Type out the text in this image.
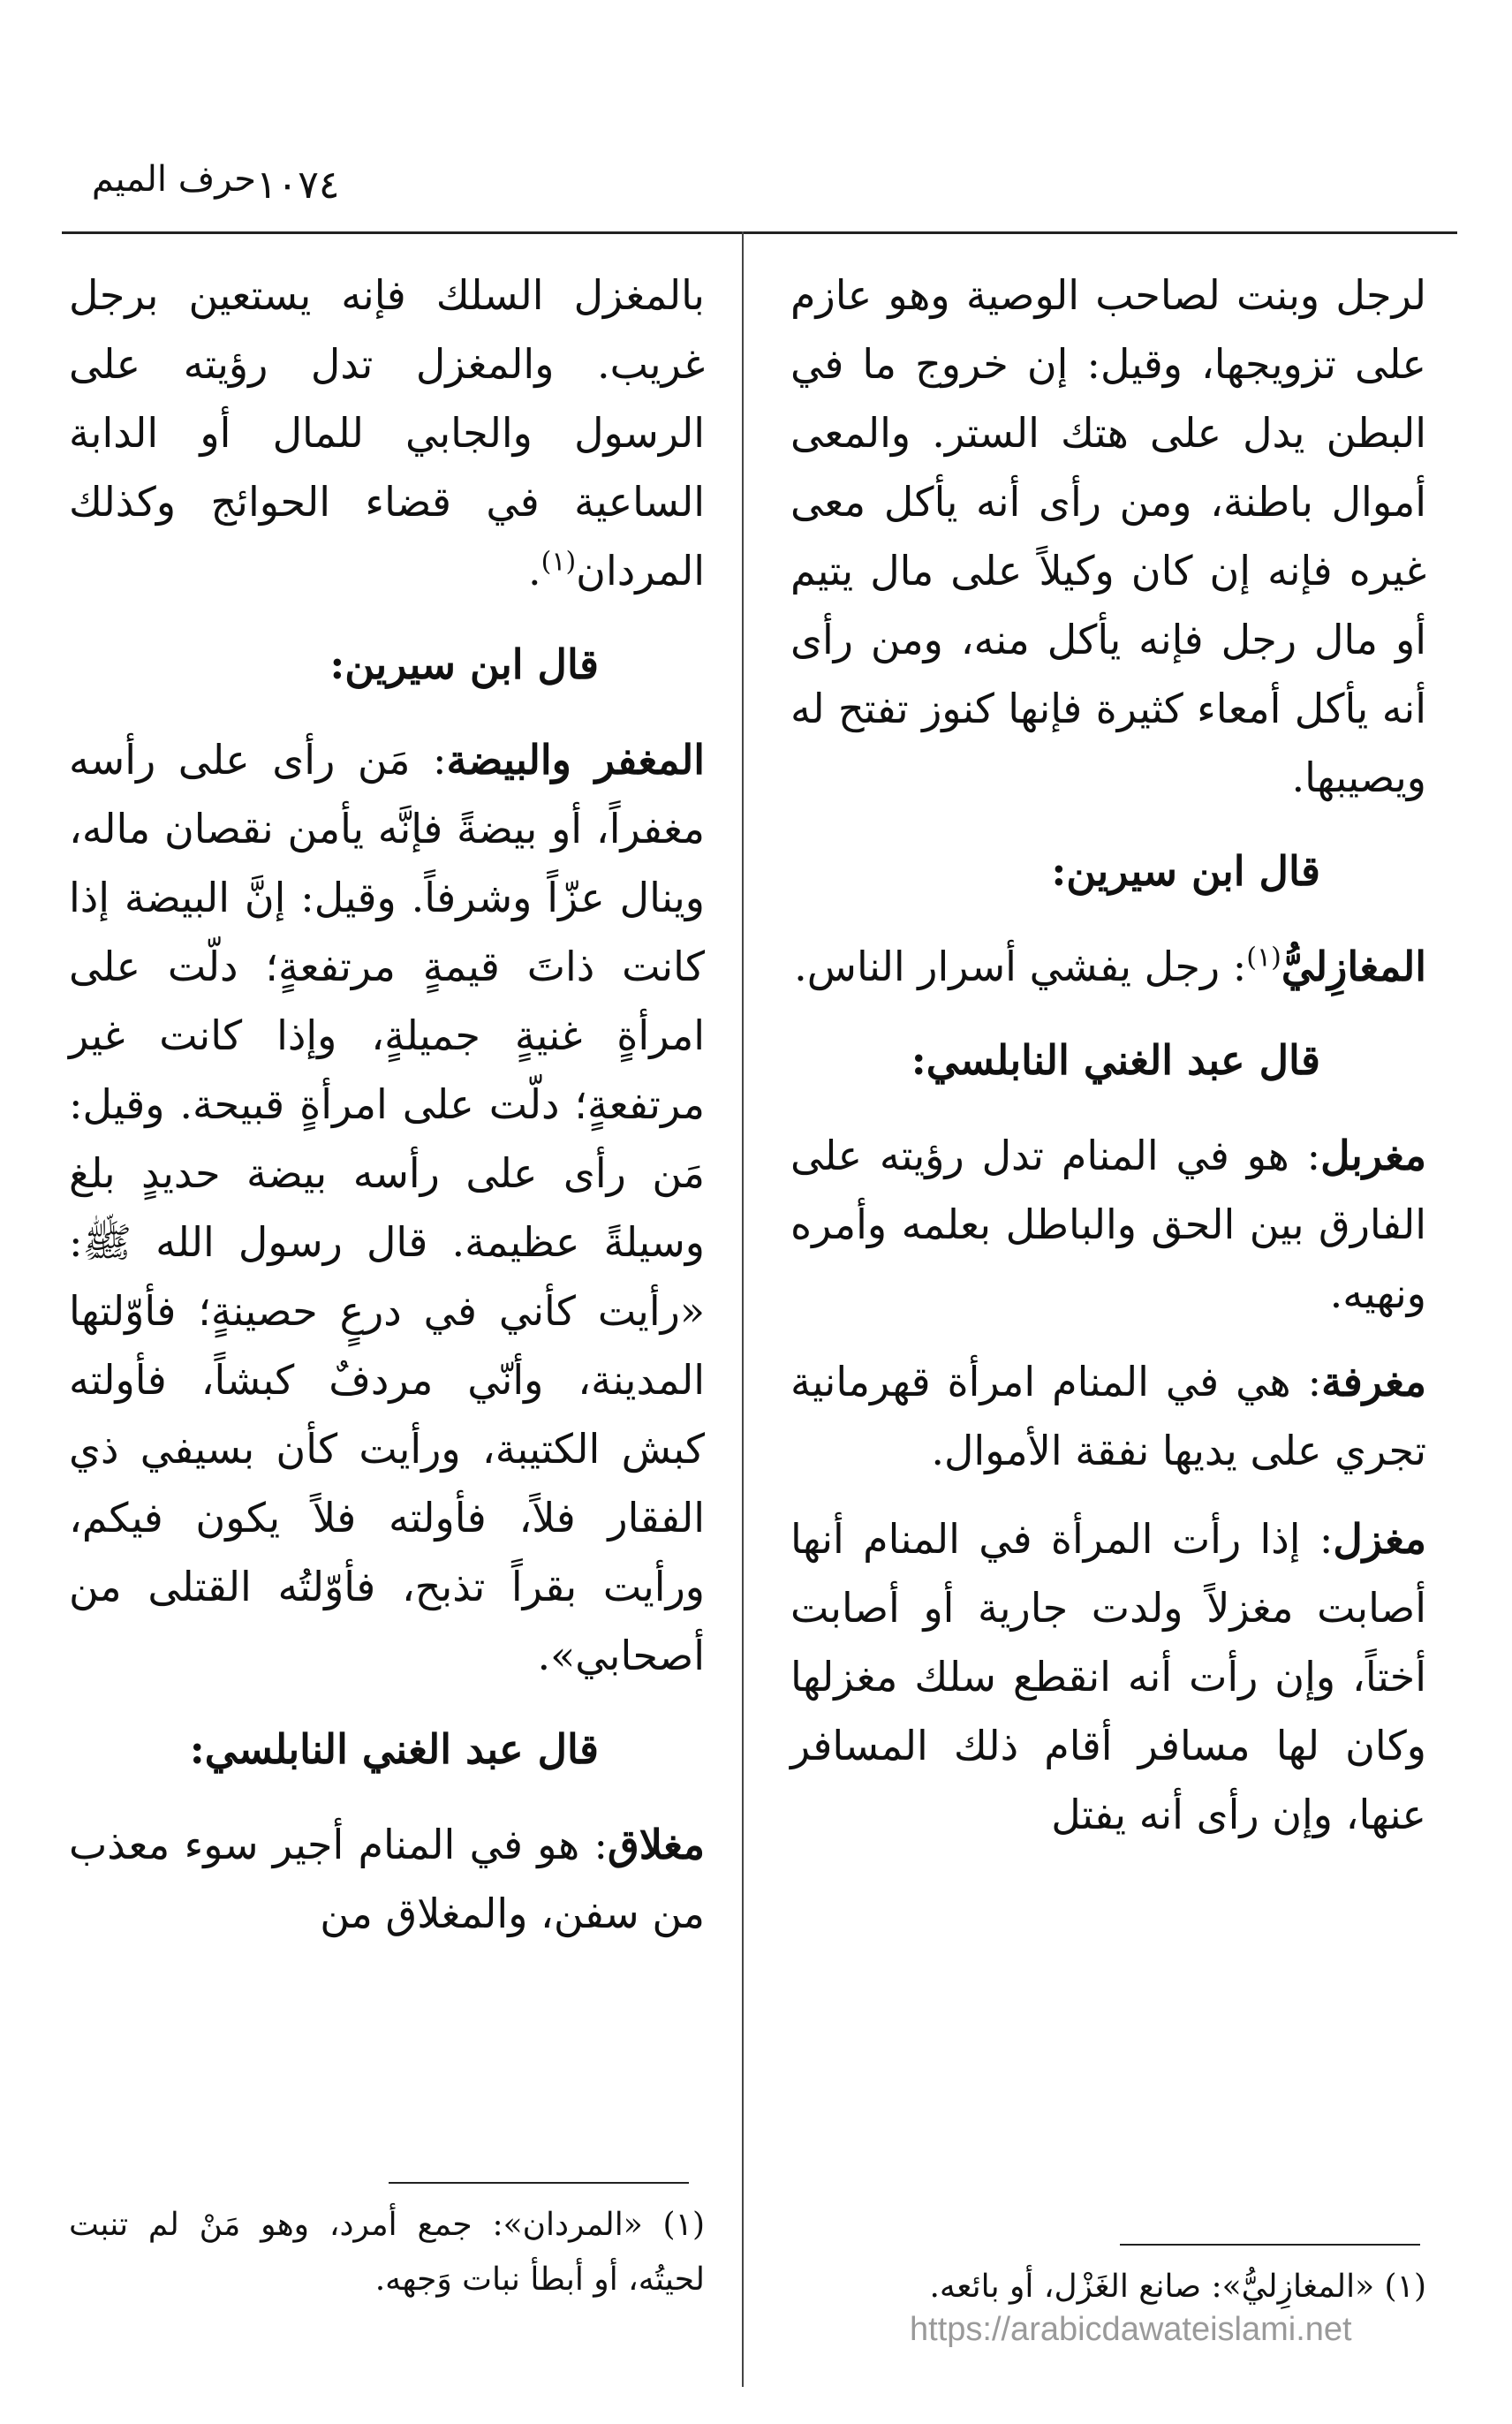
١٠٧٤
حرف الميم

لرجل وبنت لصاحب الوصية وهو عازم على تزويجها، وقيل: إن خروج ما في البطن يدل على هتك الستر. والمعى أموال باطنة، ومن رأى أنه يأكل معى غيره فإنه إن كان وكيلاً على مال يتيم أو مال رجل فإنه يأكل منه، ومن رأى أنه يأكل أمعاء كثيرة فإنها كنوز تفتح له ويصيبها.

قال ابن سيرين:

المغازِليُّ$^{(١)}$: رجل يفشي أسرار الناس.

قال عبد الغني النابلسي:

مغربل: هو في المنام تدل رؤيته على الفارق بين الحق والباطل بعلمه وأمره ونهيه.

مغرفة: هي في المنام امرأة قهرمانية تجري على يديها نفقة الأموال.

مغزل: إذا رأت المرأة في المنام أنها أصابت مغزلاً ولدت جارية أو أصابت أختاً، وإن رأت أنه انقطع سلك مغزلها وكان لها مسافر أقام ذلك المسافر عنها، وإن رأى أنه يفتل

بالمغزل السلك فإنه يستعين برجل غريب. والمغزل تدل رؤيته على الرسول والجابي للمال أو الدابة الساعية في قضاء الحوائج وكذلك المردان$^{(١)}$.

قال ابن سيرين:

المغفر والبيضة: مَن رأى على رأسه مغفراً، أو بيضةً فإنَّه يأمن نقصان ماله، وينال عزّاً وشرفاً. وقيل: إنَّ البيضة إذا كانت ذاتَ قيمةٍ مرتفعةٍ؛ دلّت على امرأةٍ غنيةٍ جميلةٍ، وإذا كانت غير مرتفعةٍ؛ دلّت على امرأةٍ قبيحة. وقيل: مَن رأى على رأسه بيضة حديدٍ بلغ وسيلةً عظيمة. قال رسول الله ﷺ: «رأيت كأني في درعٍ حصينةٍ؛ فأوّلتها المدينة، وأنّي مردفٌ كبشاً، فأولته كبش الكتيبة، ورأيت كأن بسيفي ذي الفقار فلاً، فأولته فلاً يكون فيكم، ورأيت بقراً تذبح، فأوّلتُه القتلى من أصحابي».

قال عبد الغني النابلسي:

مغلاق: هو في المنام أجير سوء معذب من سفن، والمغلاق من

(١) «المردان»: جمع أمرد، وهو مَنْ لم تنبت لحيتُه، أو أبطأ نبات وَجهه.	(١) «المغازِليُّ»: صانع الغَزْل، أو بائعه.
https://arabicdawateislami.net
